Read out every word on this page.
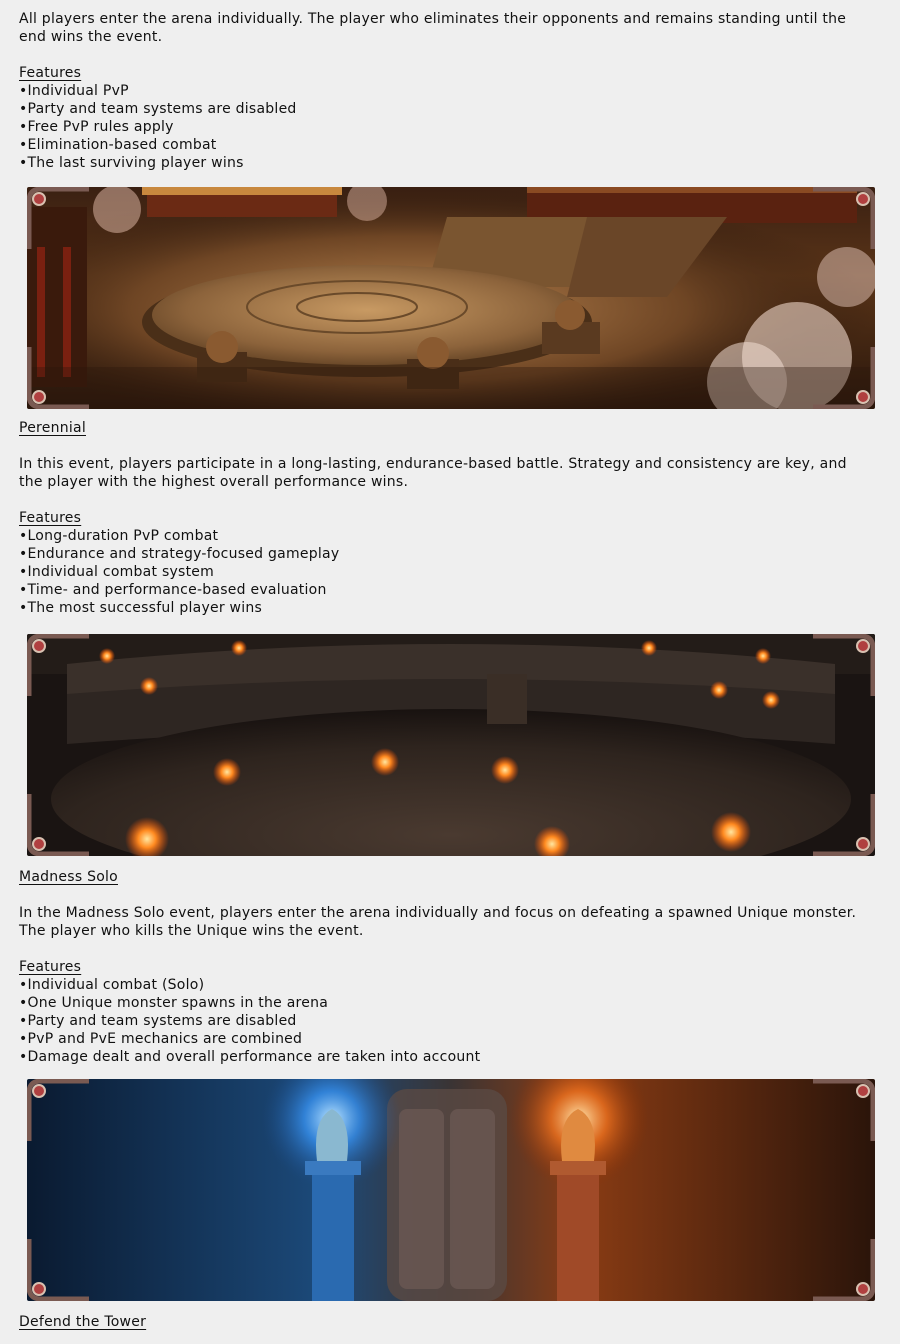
All players enter the arena individually. The player who eliminates their opponents and remains standing until the
end wins the event.
Features
•Individual PvP
•Party and team systems are disabled
•Free PvP rules apply
•Elimination-based combat
•The last surviving player wins
Perennial
In this event, players participate in a long-lasting, endurance-based battle. Strategy and consistency are key, and
the player with the highest overall performance wins.
Features
•Long-duration PvP combat
•Endurance and strategy-focused gameplay
•Individual combat system
•Time- and performance-based evaluation
•The most successful player wins
Madness Solo
In the Madness Solo event, players enter the arena individually and focus on defeating a spawned Unique monster.
The player who kills the Unique wins the event.
Features
•Individual combat (Solo)
•One Unique monster spawns in the arena
•Party and team systems are disabled
•PvP and PvE mechanics are combined
•Damage dealt and overall performance are taken into account
Defend the Tower
